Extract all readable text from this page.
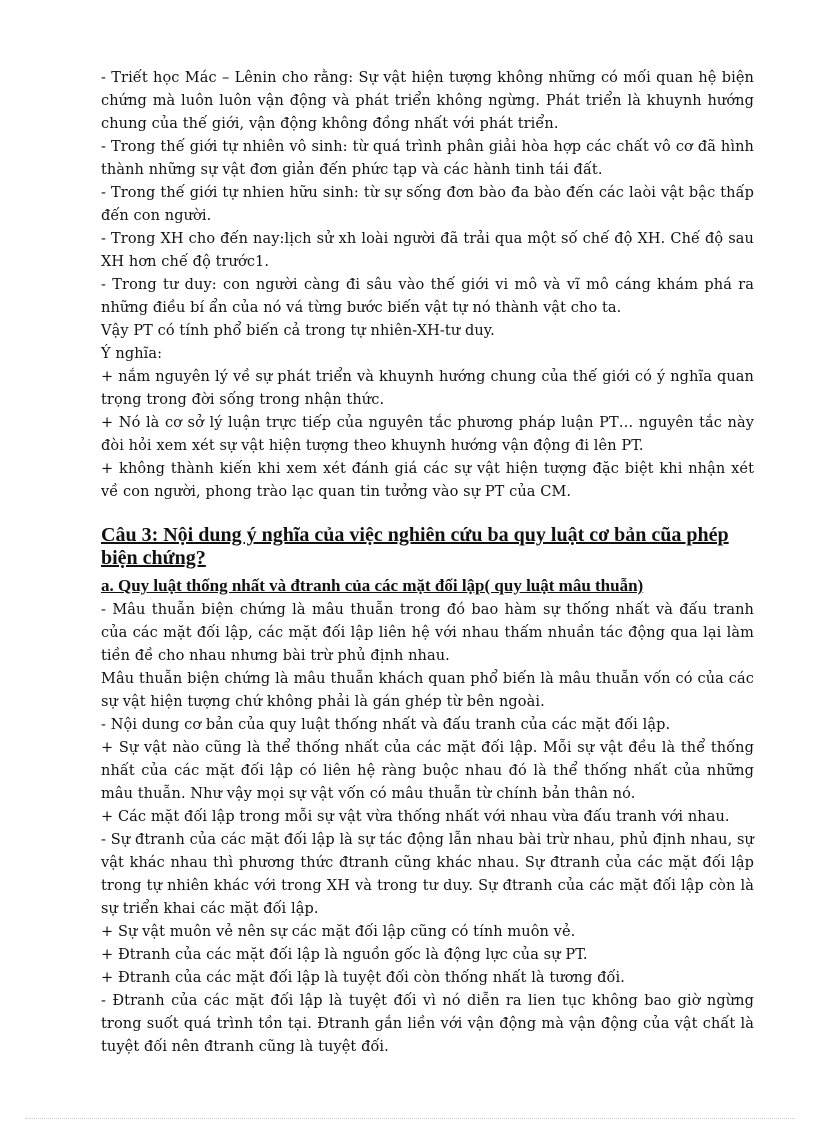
- Triết học Mác – Lênin cho rằng: Sự vật hiện tượng không những có mối quan hệ biện chứng mà luôn luôn vận động và phát triển không ngừng. Phát triển là khuynh hướng chung của thế giới, vận động không đồng nhất với phát triển.

- Trong thế giới tự nhiên vô sinh: từ quá trình phân giải hòa hợp các chất vô cơ đã hình thành những sự vật đơn giản đến phức tạp và các hành tinh tái đất.

- Trong thế giới tự nhien hữu sinh: từ sự sống đơn bào đa bào đến các laòi vật bậc thấp đến con người.

- Trong XH cho đến nay:lịch sử xh loài người đã trải qua một số chế độ XH. Chế độ sau XH hơn chế độ trước1.

- Trong tư duy: con người càng đi sâu vào thế giới vi mô và vĩ mô cáng khám phá ra những điều bí ẩn của nó vá từng bước biến vật tự nó thành vật cho ta.

Vậy PT có tính phổ biến cả trong tự nhiên-XH-tư duy.

Ý nghĩa:

+ nắm nguyên lý về sự phát triển và khuynh hướng chung của thế giới có ý nghĩa quan trọng trong đời sống trong nhận thức.

+ Nó là cơ sở lý luận trực tiếp của nguyên tắc phương pháp luận PT… nguyên tắc này đòi hỏi xem xét sự vật hiện tượng theo khuynh hướng vận động đi lên PT.

+ không thành kiến khi xem xét đánh giá các sự vật hiện tượng đặc biệt khi nhận xét về con người, phong trào lạc quan tin tưởng vào sự PT của CM.

Câu 3: Nội dung ý nghĩa của việc nghiên cứu ba quy luật cơ bản cũa phép biện chứng?
a. Quy luật thống nhất và đtranh của các mặt đối lập( quy luật mâu thuẫn)

- Mâu thuẫn biện chứng là mâu thuẫn trong đó bao hàm sự thống nhất và đấu tranh của các mặt đối lập, các mặt đối lập liên hệ với nhau thấm nhuần tác động qua lại làm tiền đề cho nhau nhưng bài trừ phủ định nhau.

Mâu thuẫn biện chứng là mâu thuẫn khách quan phổ biến là mâu thuẫn vốn có của các sự vật hiện tượng chứ không phải là gán ghép từ bên ngoài.

- Nội dung cơ bản của quy luật thống nhất và đấu tranh của các mặt đối lập.

+ Sự vật nào cũng là thể thống nhất của các mặt đối lập. Mỗi sự vật đều là thể thống nhất của các mặt đối lập có liên hệ ràng buộc nhau đó là thể thống nhất của những mâu thuẫn. Như vậy mọi sự vật vốn có mâu thuẫn từ chính bản thân nó.

+ Các mặt đối lập trong mỗi sự vật vừa thống nhất với nhau vừa đấu tranh với nhau.

- Sự đtranh của các mặt đối lập là sự tác động lẫn nhau bài trừ nhau, phủ định nhau, sự vật khác nhau thì phương thức đtranh cũng khác nhau. Sự đtranh của các mặt đối lập trong tự nhiên khác với trong XH và trong tư duy. Sự đtranh của các mặt đối lập còn là sự triển khai các mặt đối lập.

+ Sự vật muôn vẻ nên sự các mặt đối lập cũng có tính muôn vẻ.

+ Đtranh của các mặt đối lập là nguồn gốc là động lực của sự PT.

+ Đtranh của các mặt đối lập là tuyệt đối còn thống nhất là tương đối.

- Đtranh của các mặt đối lập là tuyệt đối vì nó diễn ra lien tục không bao giờ ngừng trong suốt quá trình tồn tại. Đtranh gắn liền với vận động mà vận động của vật chất là tuyệt đối nên đtranh cũng là tuyệt đối.
